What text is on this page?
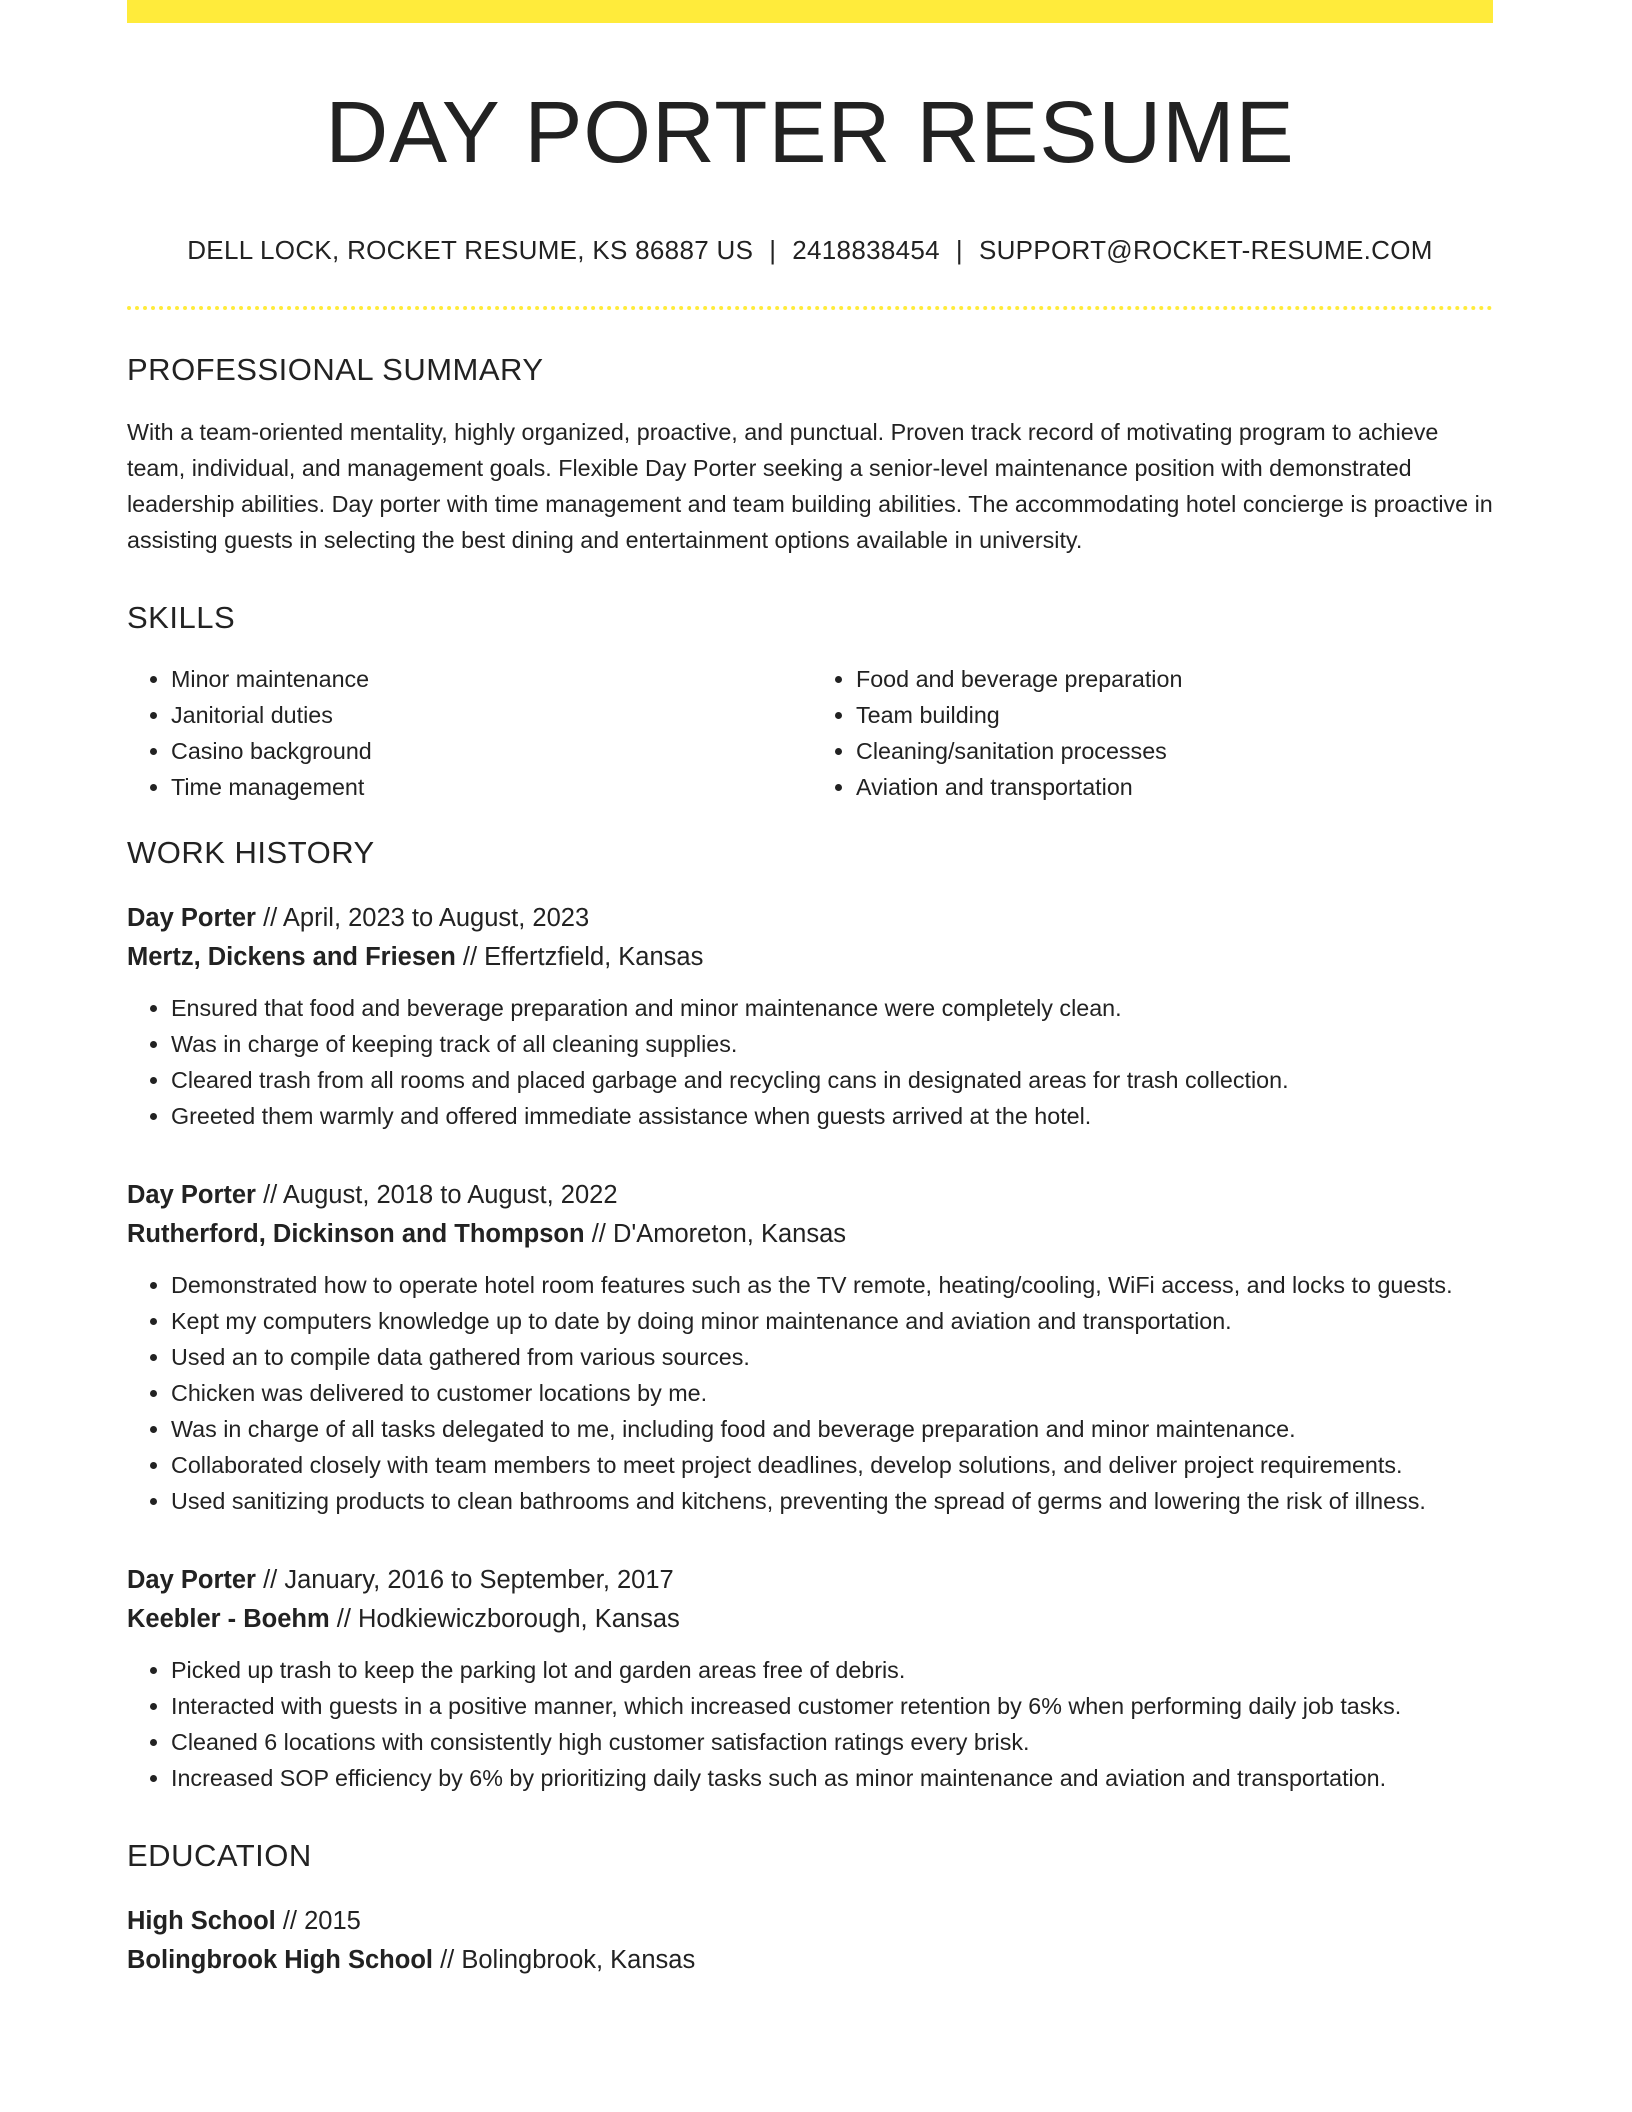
DAY PORTER RESUME
DELL LOCK, ROCKET RESUME, KS 86887 US | 2418838454 | SUPPORT@ROCKET-RESUME.COM
PROFESSIONAL SUMMARY

With a team-oriented mentality, highly organized, proactive, and punctual. Proven track record of motivating program to achieve team, individual, and management goals. Flexible Day Porter seeking a senior-level maintenance position with demonstrated leadership abilities. Day porter with time management and team building abilities. The accommodating hotel concierge is proactive in assisting guests in selecting the best dining and entertainment options available in university.

SKILLS
• Minor maintenance
• Janitorial duties
• Casino background
• Time management
• Food and beverage preparation
• Team building
• Cleaning/sanitation processes
• Aviation and transportation
WORK HISTORY
Day Porter // April, 2023 to August, 2023
Mertz, Dickens and Friesen // Effertzfield, Kansas
• Ensured that food and beverage preparation and minor maintenance were completely clean.
• Was in charge of keeping track of all cleaning supplies.
• Cleared trash from all rooms and placed garbage and recycling cans in designated areas for trash collection.
• Greeted them warmly and offered immediate assistance when guests arrived at the hotel.
Day Porter // August, 2018 to August, 2022
Rutherford, Dickinson and Thompson // D'Amoreton, Kansas
• Demonstrated how to operate hotel room features such as the TV remote, heating/cooling, WiFi access, and locks to guests.
• Kept my computers knowledge up to date by doing minor maintenance and aviation and transportation.
• Used an to compile data gathered from various sources.
• Chicken was delivered to customer locations by me.
• Was in charge of all tasks delegated to me, including food and beverage preparation and minor maintenance.
• Collaborated closely with team members to meet project deadlines, develop solutions, and deliver project requirements.
• Used sanitizing products to clean bathrooms and kitchens, preventing the spread of germs and lowering the risk of illness.
Day Porter // January, 2016 to September, 2017
Keebler - Boehm // Hodkiewiczborough, Kansas
• Picked up trash to keep the parking lot and garden areas free of debris.
• Interacted with guests in a positive manner, which increased customer retention by 6% when performing daily job tasks.
• Cleaned 6 locations with consistently high customer satisfaction ratings every brisk.
• Increased SOP efficiency by 6% by prioritizing daily tasks such as minor maintenance and aviation and transportation.
EDUCATION
High School // 2015
Bolingbrook High School // Bolingbrook, Kansas
